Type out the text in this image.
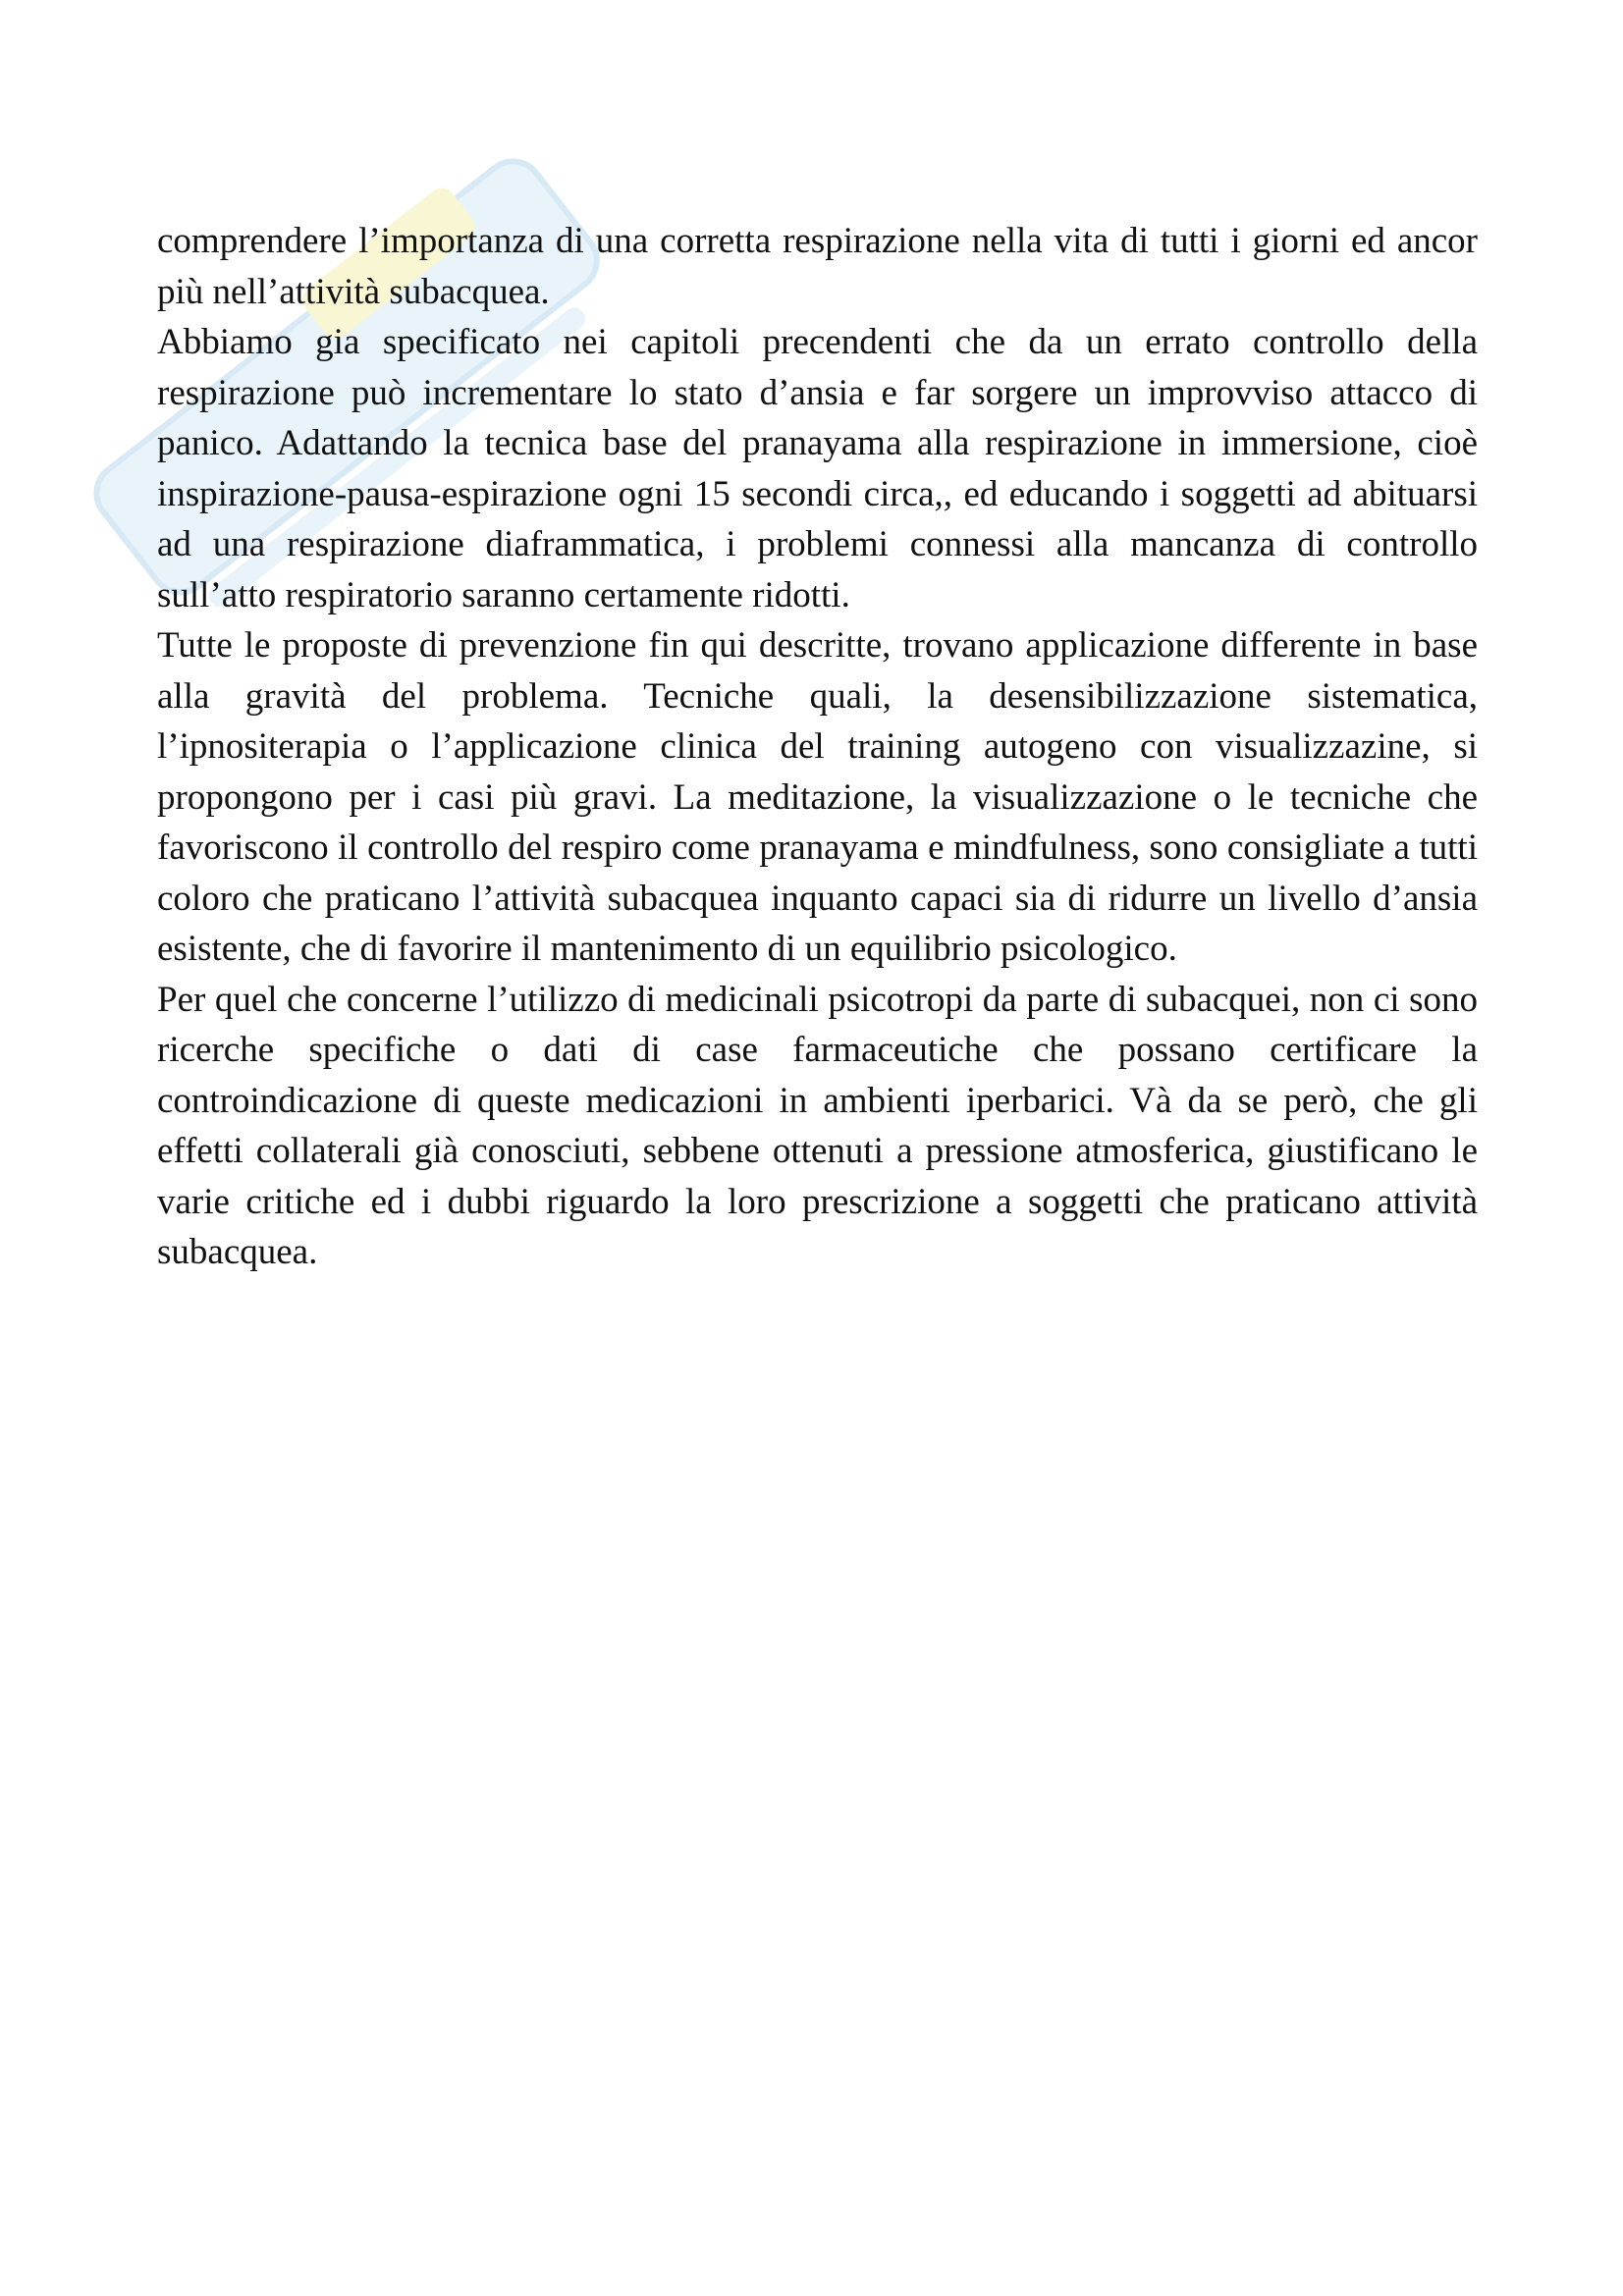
comprendere l’importanza di una corretta respirazione nella vita di tutti i giorni ed ancor più nell’attività subacquea.

Abbiamo gia specificato nei capitoli precendenti che da un errato controllo della respirazione può incrementare lo stato d’ansia e far sorgere un improvviso attacco di panico. Adattando la tecnica base del pranayama alla respirazione in immersione, cioè inspirazione-pausa-espirazione ogni 15 secondi circa,, ed educando i soggetti ad abituarsi ad una respirazione diaframmatica, i problemi connessi alla mancanza di controllo sull’atto respiratorio saranno certamente ridotti.

Tutte le proposte di prevenzione fin qui descritte, trovano applicazione differente in base alla gravità del problema. Tecniche quali, la desensibilizzazione sistematica, l’ipnositerapia o l’applicazione clinica del training autogeno con visualizzazine, si propongono per i casi più gravi. La meditazione, la visualizzazione o le tecniche che favoriscono il controllo del respiro come pranayama e mindfulness, sono consigliate a tutti coloro che praticano l’attività subacquea inquanto capaci sia di ridurre un livello d’ansia esistente, che di favorire il mantenimento di un equilibrio psicologico.

Per quel che concerne l’utilizzo di medicinali psicotropi da parte di subacquei, non ci sono ricerche specifiche o dati di case farmaceutiche che possano certificare la controindicazione di queste medicazioni in ambienti iperbarici. Và da se però, che gli effetti collaterali già conosciuti, sebbene ottenuti a pressione atmosferica, giustificano le varie critiche ed i dubbi riguardo la loro prescrizione a soggetti che praticano attività subacquea.
